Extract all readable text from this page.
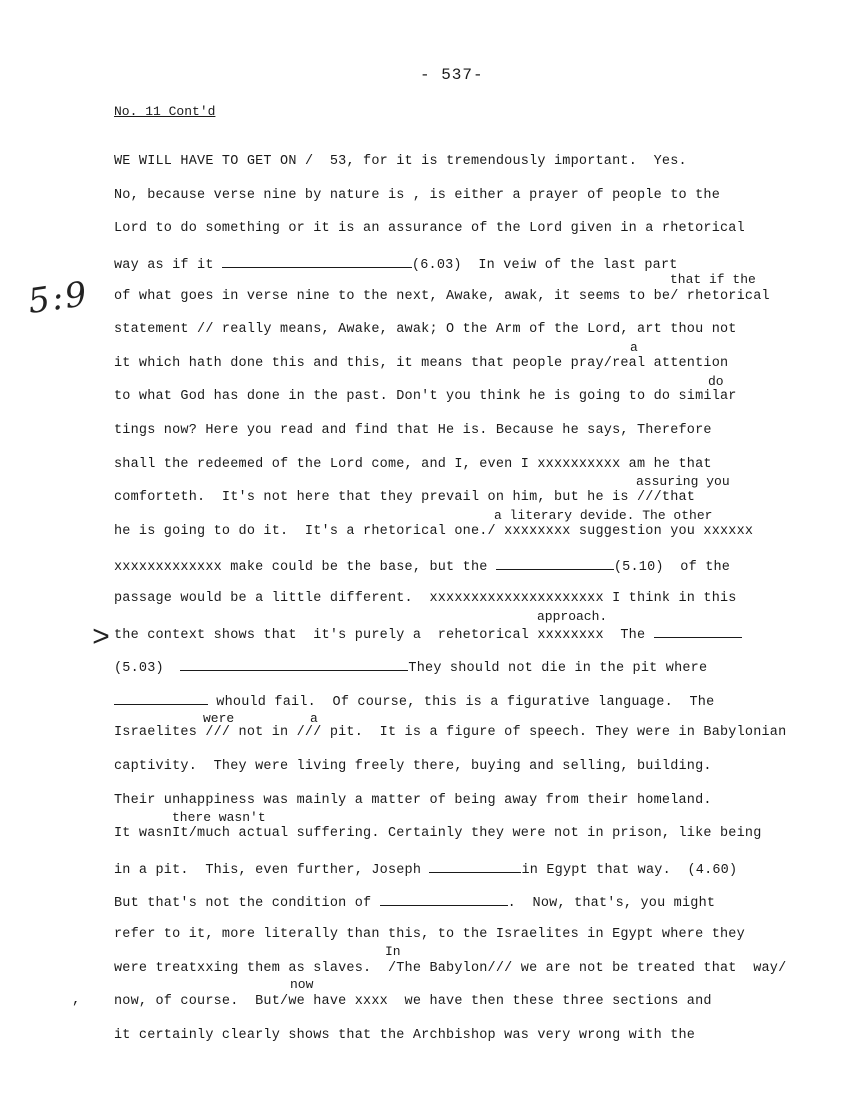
- 537-
No. 11 Cont'd
5:9
>
,
that if the
a
do
assuring you
a literary devide. The other
approach.
were	a
there wasn't
In
now
WE WILL HAVE TO GET ON /  53, for it is tremendously important.  Yes.
No, because verse nine by nature is , is either a prayer of people to the
Lord to do something or it is an assurance of the Lord given in a rhetorical
way as if it	(6.03)  In veiw of the last part
of what goes in verse nine to the next, Awake, awak, it seems to be/ rhetorical
statement // really means, Awake, awak; O the Arm of the Lord, art thou not
it which hath done this and this, it means that people pray/real attention
to what God has done in the past. Don't you think he is going to do similar
tings now? Here you read and find that He is. Because he says, Therefore
shall the redeemed of the Lord come, and I, even I xxxxxxxxxx am he that
comforteth.  It's not here that they prevail on him, but he is ///that
he is going to do it.  It's a rhetorical one./ xxxxxxxx suggestion you xxxxxx
xxxxxxxxxxxxx make could be the base, but the	(5.10)  of the
passage would be a little different.  xxxxxxxxxxxxxxxxxxxxx I think in this
the context shows that  it's purely a  rehetorical xxxxxxxx  The
(5.03)	They should not die in the pit where
whould fail.  Of course, this is a figurative language.  The
Israelites /// not in /// pit.  It is a figure of speech. They were in Babylonian
captivity.  They were living freely there, buying and selling, building.
Their unhappiness was mainly a matter of being away from their homeland.
It wasnIt/much actual suffering. Certainly they were not in prison, like being
in a pit.  This, even further, Joseph	in Egypt that way.  (4.60)
But that's not the condition of	.  Now, that's, you might
refer to it, more literally than this, to the Israelites in Egypt where they
were treatxxing them as slaves.  /The Babylon/// we are not be treated that  way/
now, of course.  But/we have xxxx  we have then these three sections and
it certainly clearly shows that the Archbishop was very wrong with the
